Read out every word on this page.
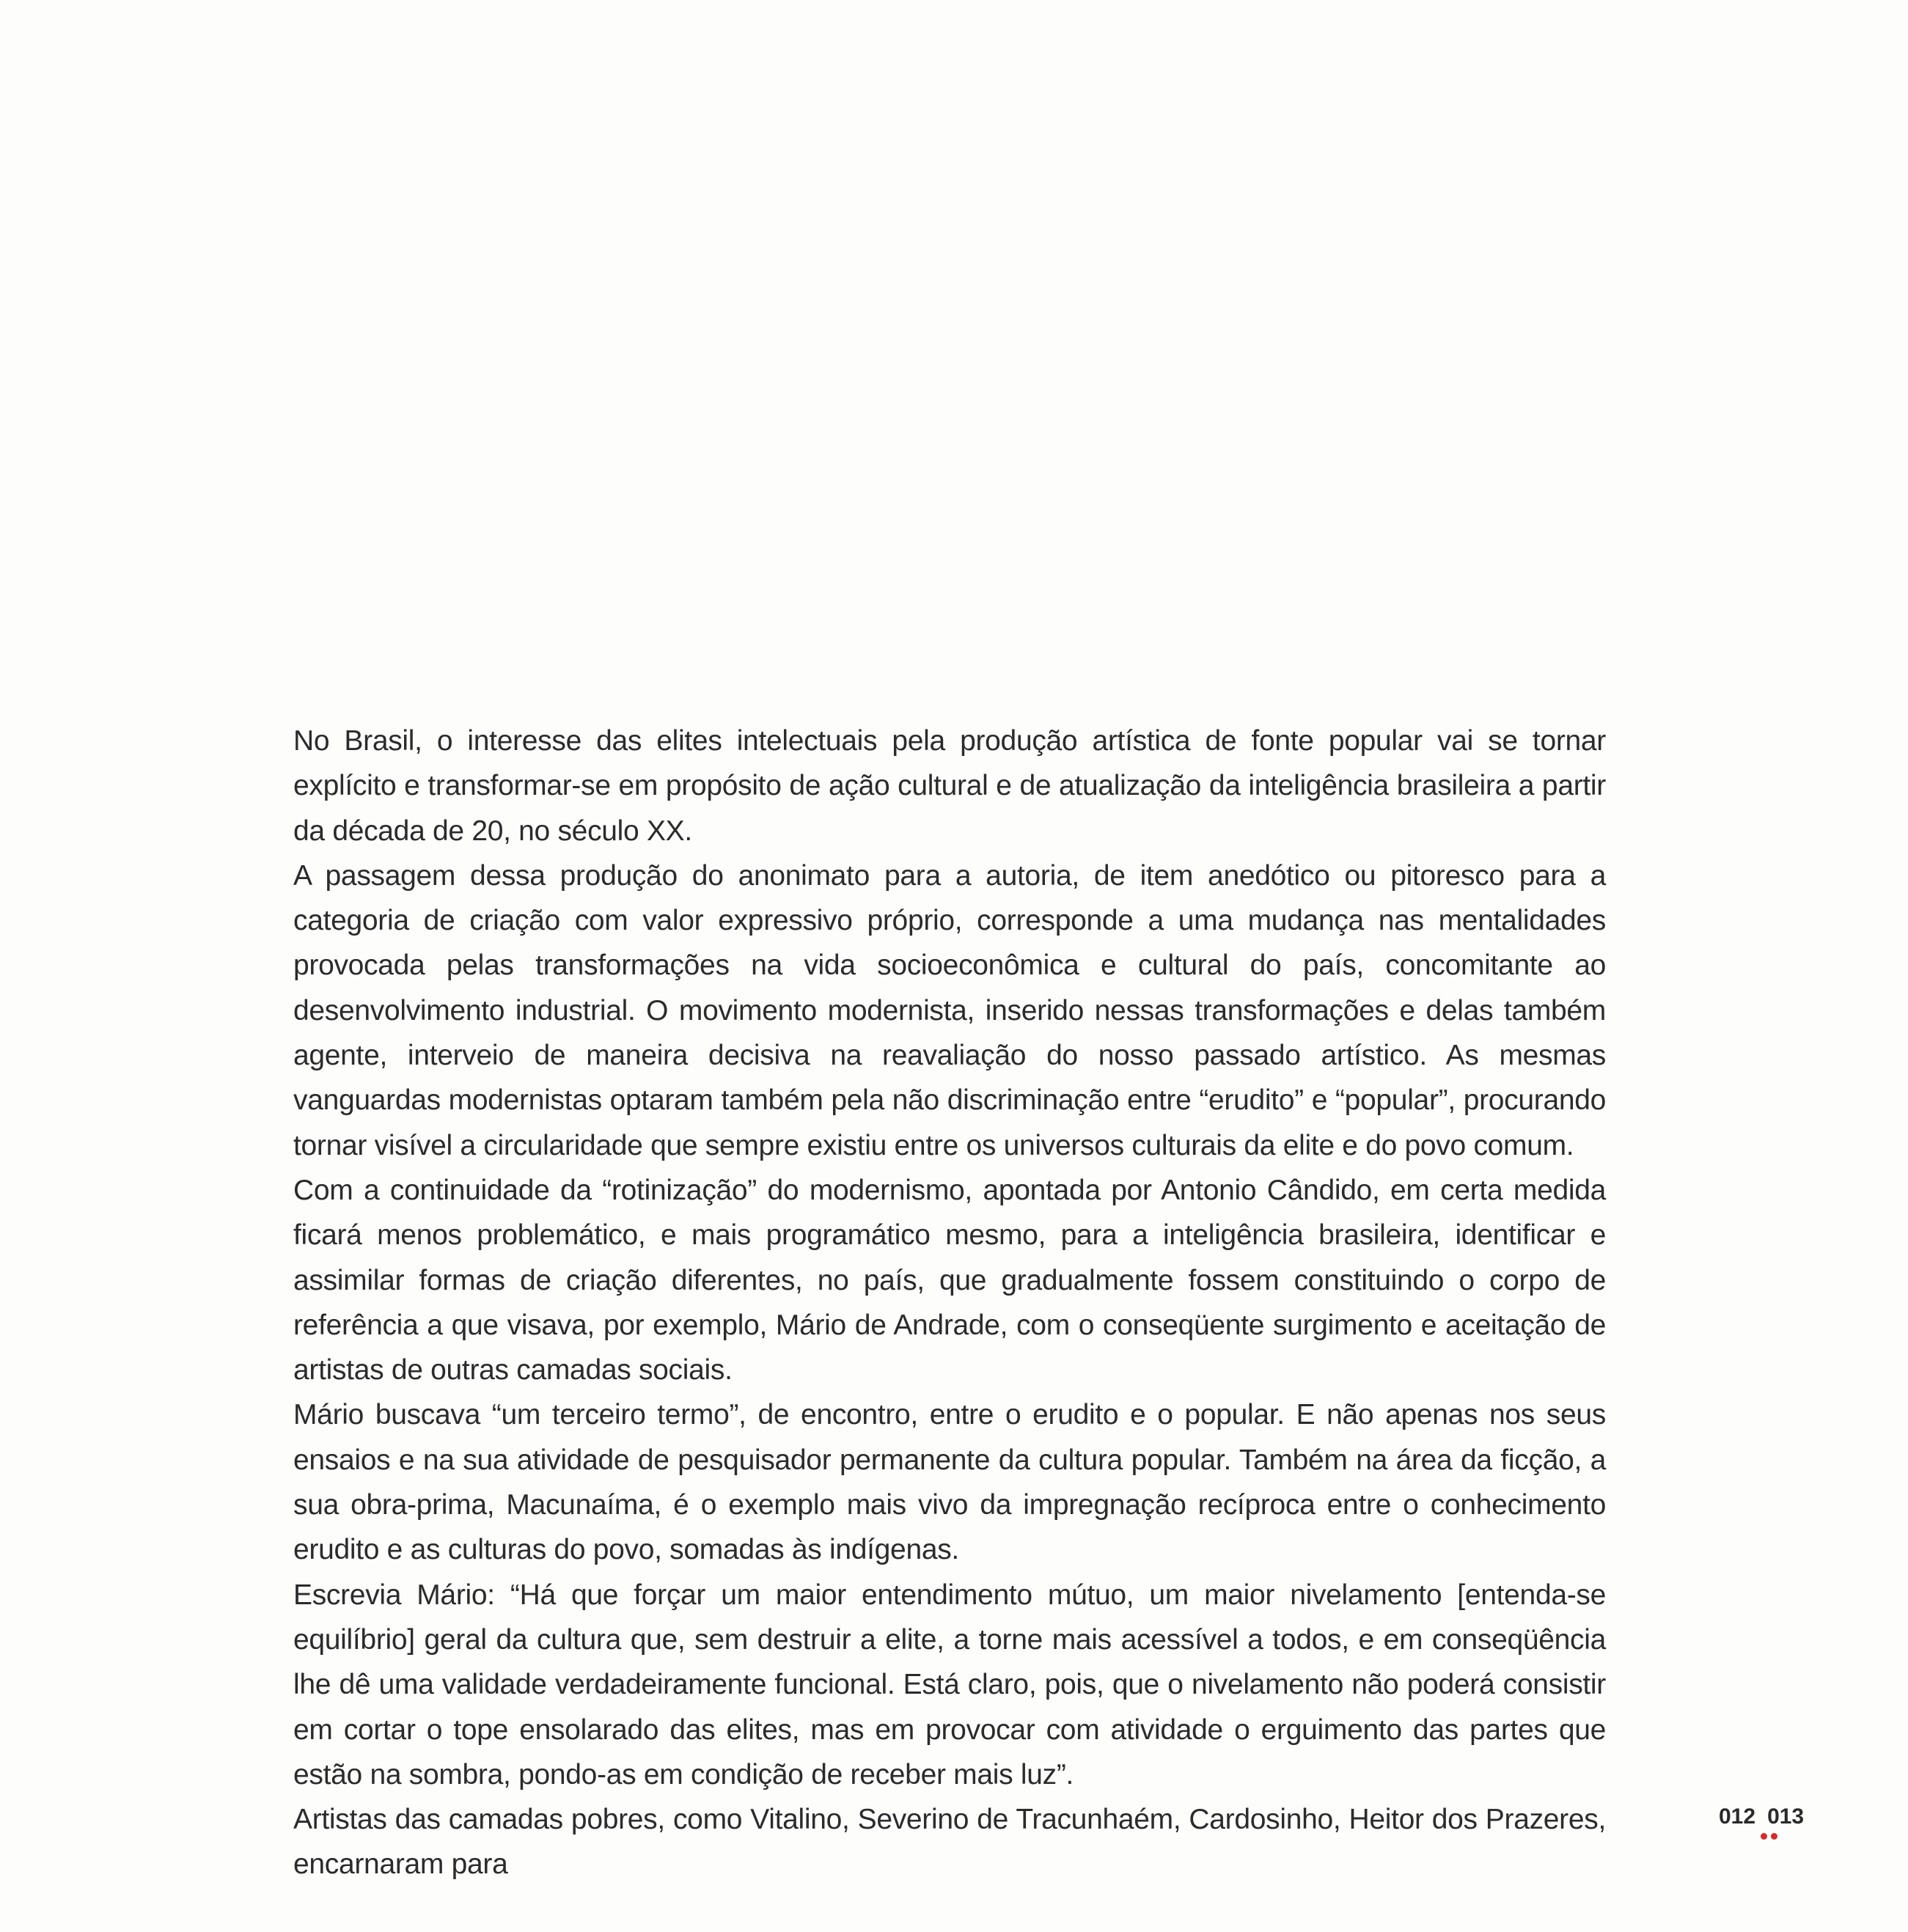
No Brasil, o interesse das elites intelectuais pela produção artística de fonte popular vai se tornar explícito e transformar-se em propósito de ação cultural e de atualização da inteligência brasileira a partir da década de 20, no século XX.

A passagem dessa produção do anonimato para a autoria, de item anedótico ou pitoresco para a categoria de criação com valor expressivo próprio, corresponde a uma mudança nas mentalidades provocada pelas transformações na vida socioeconômica e cultural do país, concomitante ao desenvolvimento industrial. O movimento modernista, inserido nessas transformações e delas também agente, interveio de maneira decisiva na reavaliação do nosso passado artístico. As mesmas vanguardas modernistas optaram também pela não discriminação entre “erudito” e “popular”, procurando tornar visível a circularidade que sempre existiu entre os universos culturais da elite e do povo comum.

Com a continuidade da “rotinização” do modernismo, apontada por Antonio Cândido, em certa medida ficará menos problemático, e mais programático mesmo, para a inteligência brasileira, identificar e assimilar formas de criação diferentes, no país, que gradualmente fossem constituindo o corpo de referência a que visava, por exemplo, Mário de Andrade, com o conseqüente surgimento e aceitação de artistas de outras camadas sociais.

Mário buscava “um terceiro termo”, de encontro, entre o erudito e o popular. E não apenas nos seus ensaios e na sua atividade de pesquisador permanente da cultura popular. Também na área da ficção, a sua obra-prima, Macunaíma, é o exemplo mais vivo da impregnação recíproca entre o conhecimento erudito e as culturas do povo, somadas às indígenas.

Escrevia Mário: “Há que forçar um maior entendimento mútuo, um maior nivelamento [entenda-se equilíbrio] geral da cultura que, sem destruir a elite, a torne mais acessível a todos, e em conseqüência lhe dê uma validade verdadeiramente funcional. Está claro, pois, que o nivelamento não poderá consistir em cortar o tope ensolarado das elites, mas em provocar com atividade o erguimento das partes que estão na sombra, pondo-as em condição de receber mais luz”.

Artistas das camadas pobres, como Vitalino, Severino de Tracunhaém, Cardosinho, Heitor dos Prazeres, encarnaram para

012 013
